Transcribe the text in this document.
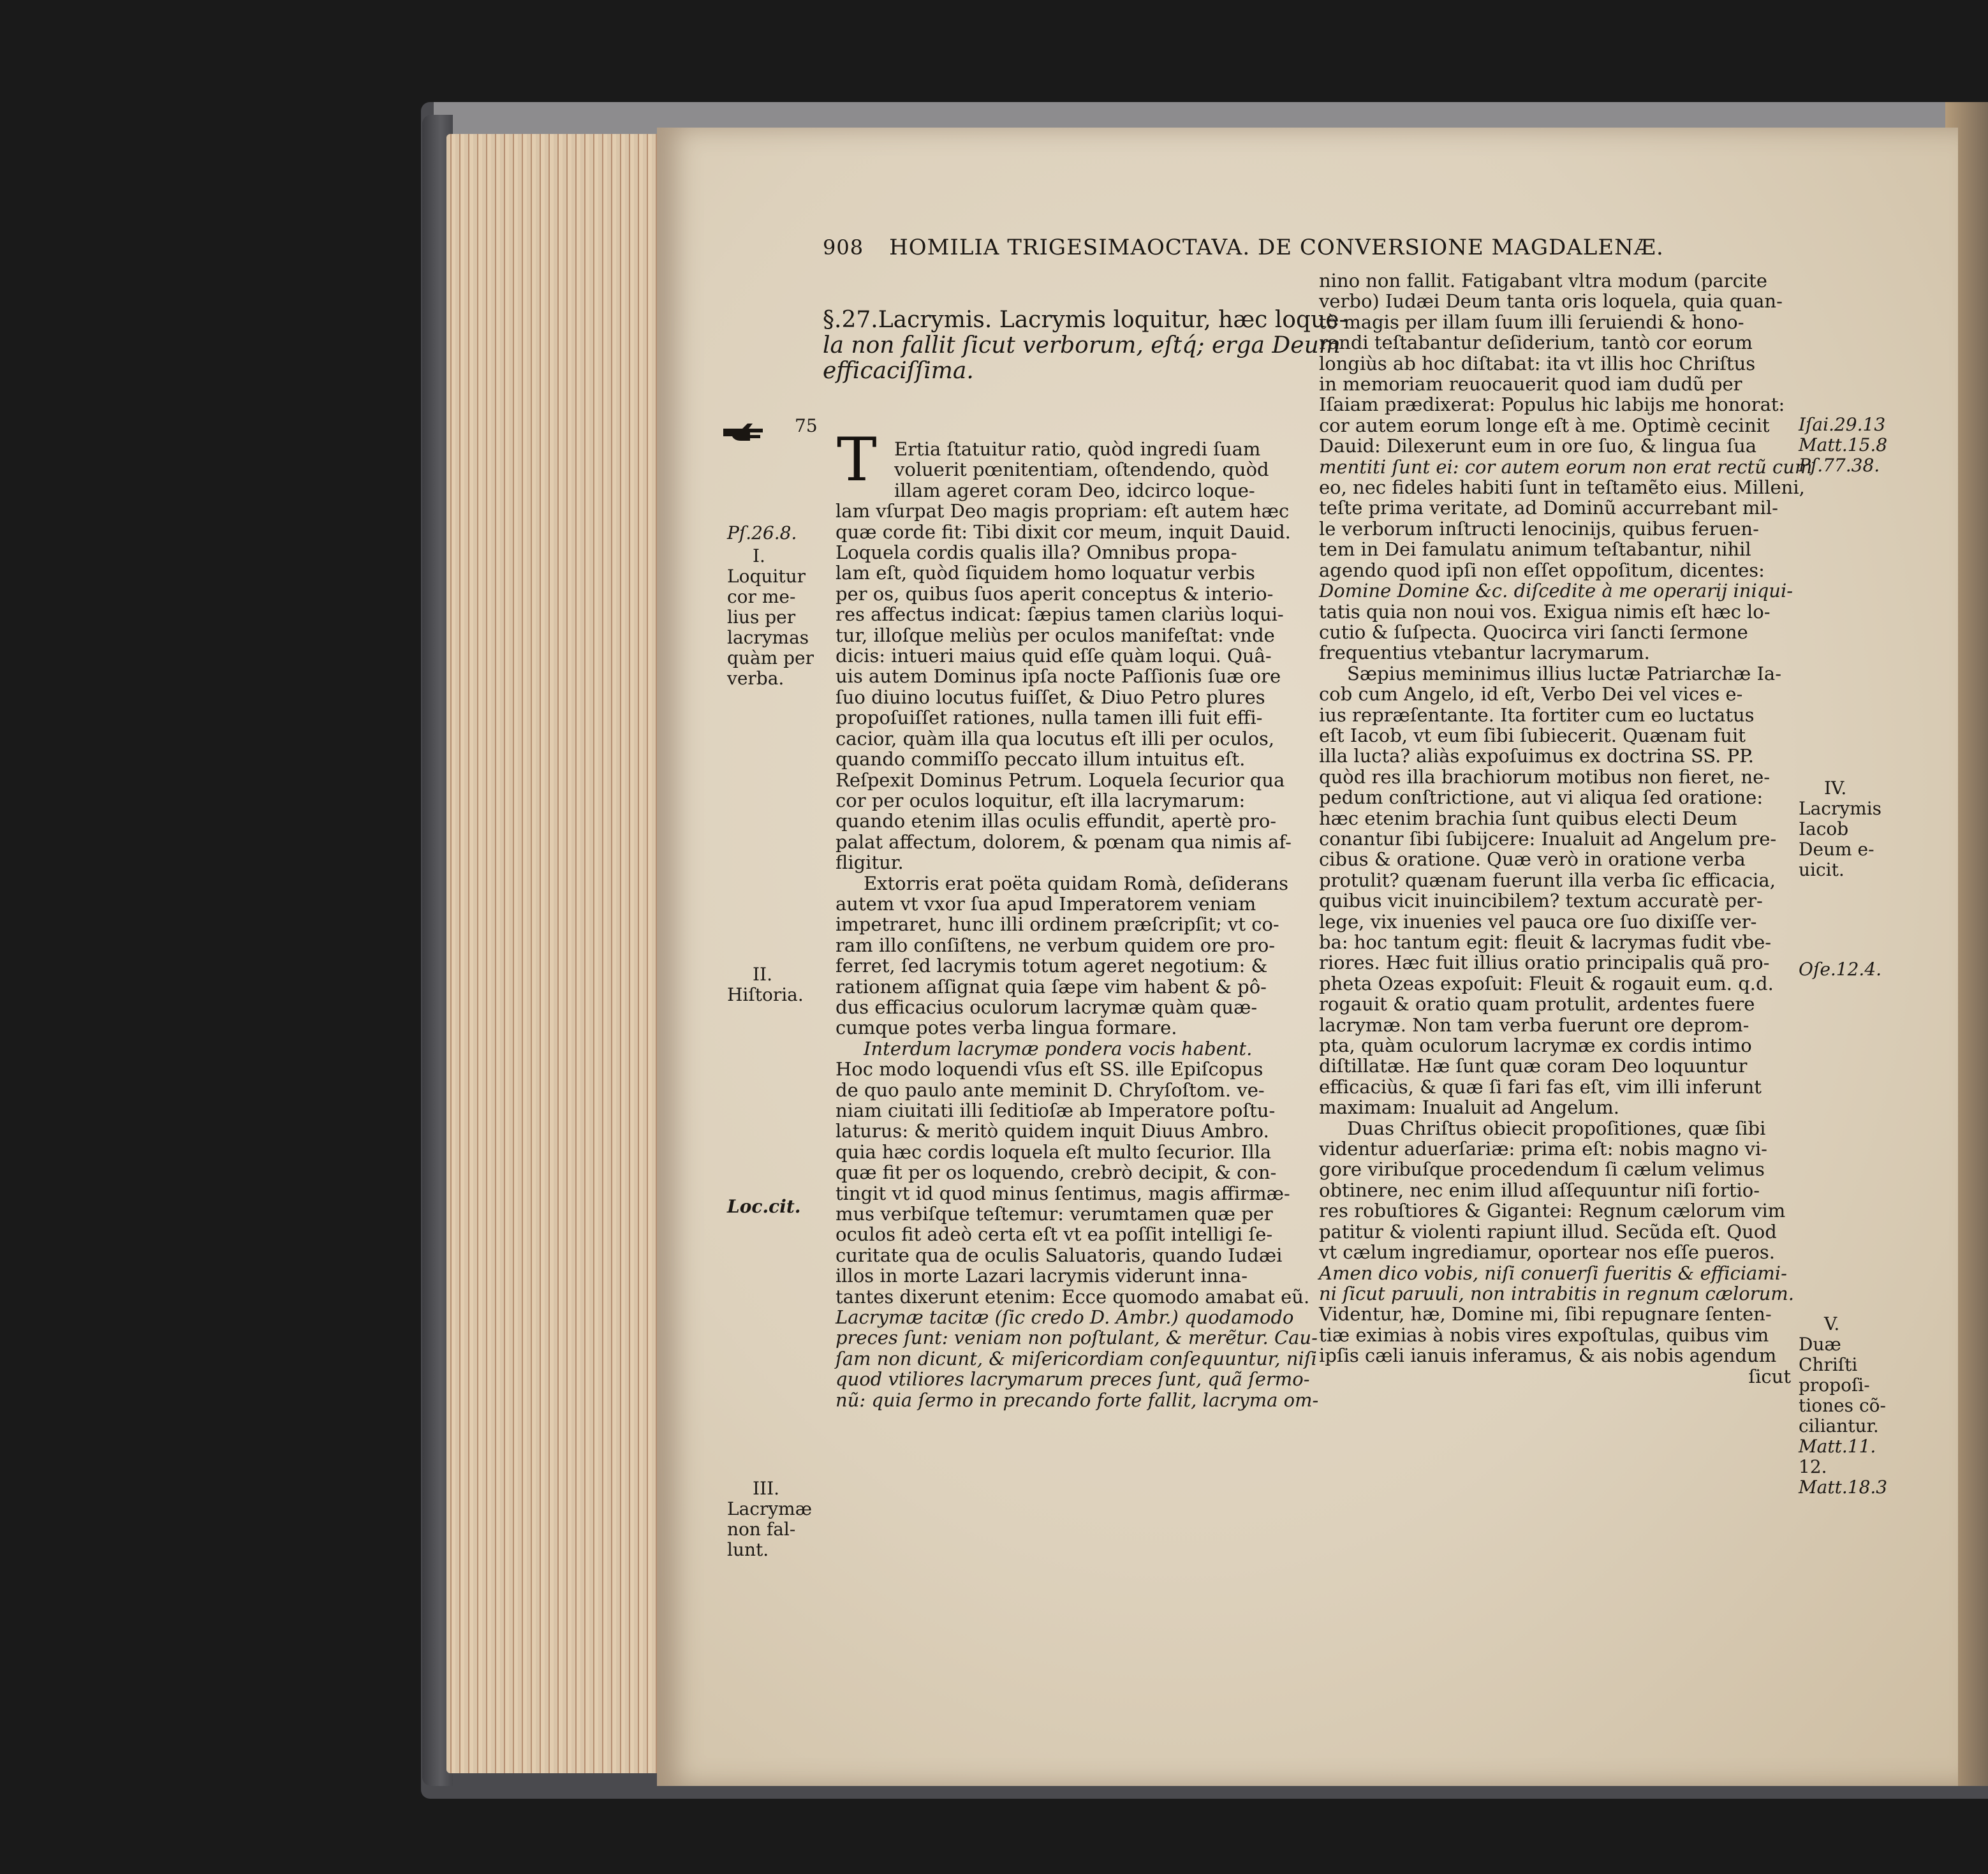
908 HOMILIA TRIGESIMAOCTAVA. DE CONVERSIONE MAGDALENÆ.
§.27.Lacrymis. Lacrymis loquitur, hæc loque-
la non fallit ſicut verborum, eſtq́; erga Deum
efficaciſſima.
75 T Ertia ſtatuitur ratio, quòd ingredi ſuam
voluerit pœnitentiam, oſtendendo, quòd
illam ageret coram Deo, idcirco loque-
lam vſurpat Deo magis propriam: eſt autem hæc
quæ corde fit: Tibi dixit cor meum, inquit Dauid.
Loquela cordis qualis illa? Omnibus propa-
lam eſt, quòd ſiquidem homo loquatur verbis
per os, quibus ſuos aperit conceptus & interio-
res affectus indicat: ſæpius tamen clariùs loqui-
tur, illoſque meliùs per oculos manifeſtat: vnde
dicis: intueri maius quid eſſe quàm loqui. Quâ-
uis autem Dominus ipſa nocte Paſſionis ſuæ ore
ſuo diuino locutus fuiſſet, & Diuo Petro plures
propoſuiſſet rationes, nulla tamen illi fuit effi-
cacior, quàm illa qua locutus eſt illi per oculos,
quando commiſſo peccato illum intuitus eſt.
Reſpexit Dominus Petrum. Loquela ſecurior qua
cor per oculos loquitur, eſt illa lacrymarum:
quando etenim illas oculis effundit, apertè pro-
palat affectum, dolorem, & pœnam qua nimis af-
fligitur.
Extorris erat poëta quidam Romà, deſiderans
autem vt vxor ſua apud Imperatorem veniam
impetraret, hunc illi ordinem præſcripſit; vt co-
ram illo conſiſtens, ne verbum quidem ore pro-
ferret, ſed lacrymis totum ageret negotium: &
rationem aſſignat quia ſæpe vim habent & pô-
dus efficacius oculorum lacrymæ quàm quæ-
cumque potes verba lingua formare.
Interdum lacrymæ pondera vocis habent.
Hoc modo loquendi vſus eſt SS. ille Epiſcopus
de quo paulo ante meminit D. Chryſoſtom. ve-
niam ciuitati illi ſeditioſæ ab Imperatore poſtu-
laturus: & meritò quidem inquit Diuus Ambro.
quia hæc cordis loquela eſt multo ſecurior. Illa
quæ fit per os loquendo, crebrò decipit, & con-
tingit vt id quod minus ſentimus, magis affirmæ-
mus verbiſque teſtemur: verumtamen quæ per
oculos fit adeò certa eſt vt ea poſſit intelligi ſe-
curitate qua de oculis Saluatoris, quando Iudæi
illos in morte Lazari lacrymis viderunt inna-
tantes dixerunt etenim: Ecce quomodo amabat eũ.
Lacrymæ tacitæ (ſic credo D. Ambr.) quodamodo
preces ſunt: veniam non poſtulant, & merẽtur. Cau-
ſam non dicunt, & miſericordiam conſequuntur, niſi
quod vtiliores lacrymarum preces ſunt, quã ſermo-
nũ: quia ſermo in precando forte fallit, lacryma om-
nino non fallit. Fatigabant vltra modum (parcite
verbo) Iudæi Deum tanta oris loquela, quia quan-
tò magis per illam ſuum illi ſeruiendi & hono-
randi teſtabantur deſiderium, tantò cor eorum
longiùs ab hoc diſtabat: ita vt illis hoc Chriſtus
in memoriam reuocauerit quod iam dudũ per
Iſaiam prædixerat: Populus hic labijs me honorat:
cor autem eorum longe eſt à me. Optimè cecinit
Dauid: Dilexerunt eum in ore ſuo, & lingua ſua
mentiti ſunt ei: cor autem eorum non erat rectũ cum
eo, nec fideles habiti ſunt in teſtamẽto eius. Milleni,
teſte prima veritate, ad Dominũ accurrebant mil-
le verborum inſtructi lenocinijs, quibus feruen-
tem in Dei famulatu animum teſtabantur, nihil
agendo quod ipſi non eſſet oppoſitum, dicentes:
Domine Domine &c. diſcedite à me operarij iniqui-
tatis quia non noui vos. Exigua nimis eſt hæc lo-
cutio & ſuſpecta. Quocirca viri ſancti ſermone
frequentius vtebantur lacrymarum.
Sæpius meminimus illius luctæ Patriarchæ Ia-
cob cum Angelo, id eſt, Verbo Dei vel vices e-
ius repræſentante. Ita fortiter cum eo luctatus
eſt Iacob, vt eum ſibi ſubiecerit. Quænam fuit
illa lucta? aliàs expoſuimus ex doctrina SS. PP.
quòd res illa brachiorum motibus non fieret, ne-
pedum conſtrictione, aut vi aliqua ſed oratione:
hæc etenim brachia ſunt quibus electi Deum
conantur ſibi ſubijcere: Inualuit ad Angelum pre-
cibus & oratione. Quæ verò in oratione verba
protulit? quænam fuerunt illa verba ſic efficacia,
quibus vicit inuincibilem? textum accuratè per-
lege, vix inuenies vel pauca ore ſuo dixiſſe ver-
ba: hoc tantum egit: fleuit & lacrymas fudit vbe-
riores. Hæc fuit illius oratio principalis quã pro-
pheta Ozeas expoſuit: Fleuit & rogauit eum. q.d.
rogauit & oratio quam protulit, ardentes fuere
lacrymæ. Non tam verba fuerunt ore deprom-
pta, quàm oculorum lacrymæ ex cordis intimo
diſtillatæ. Hæ ſunt quæ coram Deo loquuntur
efficaciùs, & quæ ſi fari fas eſt, vim illi inferunt
maximam: Inualuit ad Angelum.
Duas Chriſtus obiecit propoſitiones, quæ ſibi
videntur aduerſariæ: prima eſt: nobis magno vi-
gore viribuſque procedendum ſi cælum velimus
obtinere, nec enim illud aſſequuntur niſi fortio-
res robuſtiores & Gigantei: Regnum cælorum vim
patitur & violenti rapiunt illud. Secũda eſt. Quod
vt cælum ingrediamur, oportear nos eſſe pueros.
Amen dico vobis, niſi conuerſi fueritis & efficiami-
ni ſicut paruuli, non intrabitis in regnum cælorum.
Videntur, hæ, Domine mi, ſibi repugnare ſenten-
tiæ eximias à nobis vires expoſtulas, quibus vim
ipſis cæli ianuis inferamus, & ais nobis agendum
ſicut
Pſ.26.8.
I.
Loquitur
cor me-
lius per
lacrymas
quàm per
verba.
II.
Hiſtoria.
Loc.cit.
III.
Lacrymæ
non fal-
lunt.
Iſai.29.13
Matt.15.8
Pſ.77.38.
IV.
Lacrymis
Iacob
Deum e-
uicit.
Oſe.12.4.
V.
Duæ
Chriſti
propoſi-
tiones cõ-
ciliantur.
Matt.11.
12.
Matt.18.3
